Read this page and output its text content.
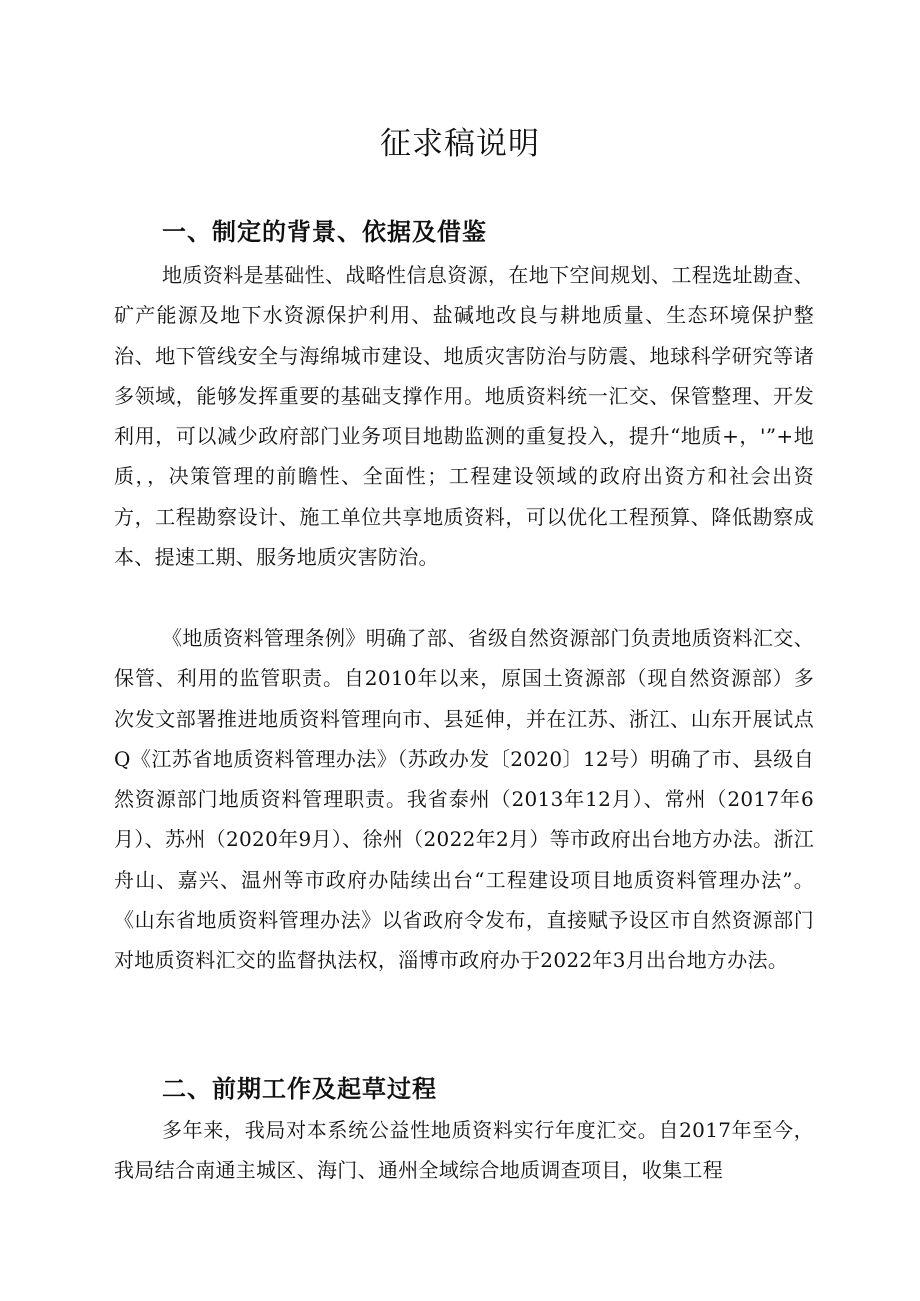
征求稿说明
一、制定的背景、依据及借鉴

地质资料是基础性、战略性信息资源，在地下空间规划、工程选址勘查、矿产能源及地下水资源保护利用、盐碱地改良与耕地质量、生态环境保护整治、地下管线安全与海绵城市建设、地质灾害防治与防震、地球科学研究等诸多领域，能够发挥重要的基础支撑作用。地质资料统一汇交、保管整理、开发利用，可以减少政府部门业务项目地勘监测的重复投入，提升“地质+，'”+地质，，决策管理的前瞻性、全面性；工程建设领域的政府出资方和社会出资方，工程勘察设计、施工单位共享地质资料，可以优化工程预算、降低勘察成本、提速工期、服务地质灾害防治。

《地质资料管理条例》明确了部、省级自然资源部门负责地质资料汇交、保管、利用的监管职责。自2010年以来，原国土资源部（现自然资源部）多次发文部署推进地质资料管理向市、县延伸，并在江苏、浙江、山东开展试点Q《江苏省地质资料管理办法》（苏政办发〔2020〕12号）明确了市、县级自然资源部门地质资料管理职责。我省泰州（2013年12月）、常州（2017年6月）、苏州（2020年9月）、徐州（2022年2月）等市政府出台地方办法。浙江舟山、嘉兴、温州等市政府办陆续出台“工程建设项目地质资料管理办法”。《山东省地质资料管理办法》以省政府令发布，直接赋予设区市自然资源部门对地质资料汇交的监督执法权，淄博市政府办于2022年3月出台地方办法。

二、前期工作及起草过程

多年来，我局对本系统公益性地质资料实行年度汇交。自2017年至今，我局结合南通主城区、海门、通州全域综合地质调查项目，收集工程
